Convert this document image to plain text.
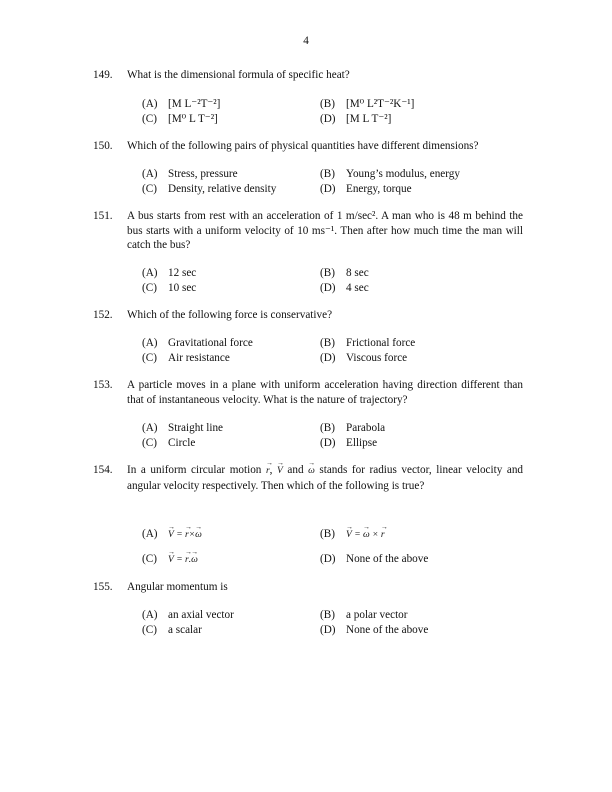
4
149. What is the dimensional formula of specific heat?
(A) [M L⁻²T⁻²]	(B) [M⁰ L²T⁻²K⁻¹]
(C) [M⁰ L T⁻²]	(D) [M L T⁻²]
150. Which of the following pairs of physical quantities have different dimensions?
(A) Stress, pressure	(B) Young’s modulus, energy
(C) Density, relative density	(D) Energy, torque
151. A bus starts from rest with an acceleration of 1 m/sec². A man who is 48 m behind the bus starts with a uniform velocity of 10 ms⁻¹. Then after how much time the man will catch the bus?
(A) 12 sec	(B) 8 sec
(C) 10 sec	(D) 4 sec
152. Which of the following force is conservative?
(A) Gravitational force	(B) Frictional force
(C) Air resistance	(D) Viscous force
153. A particle moves in a plane with uniform acceleration having direction different than that of instantaneous velocity. What is the nature of trajectory?
(A) Straight line	(B) Parabola
(C) Circle	(D) Ellipse
154. In a uniform circular motion → r, → V and → ω stands for radius vector, linear velocity and angular velocity respectively. Then which of the following is true?
(A) → V = → r×→ ω	(B) → V = → ω × → r
(C) → V = → r.→ ω	(D) None of the above
155. Angular momentum is
(A) an axial vector	(B) a polar vector
(C) a scalar	(D) None of the above
